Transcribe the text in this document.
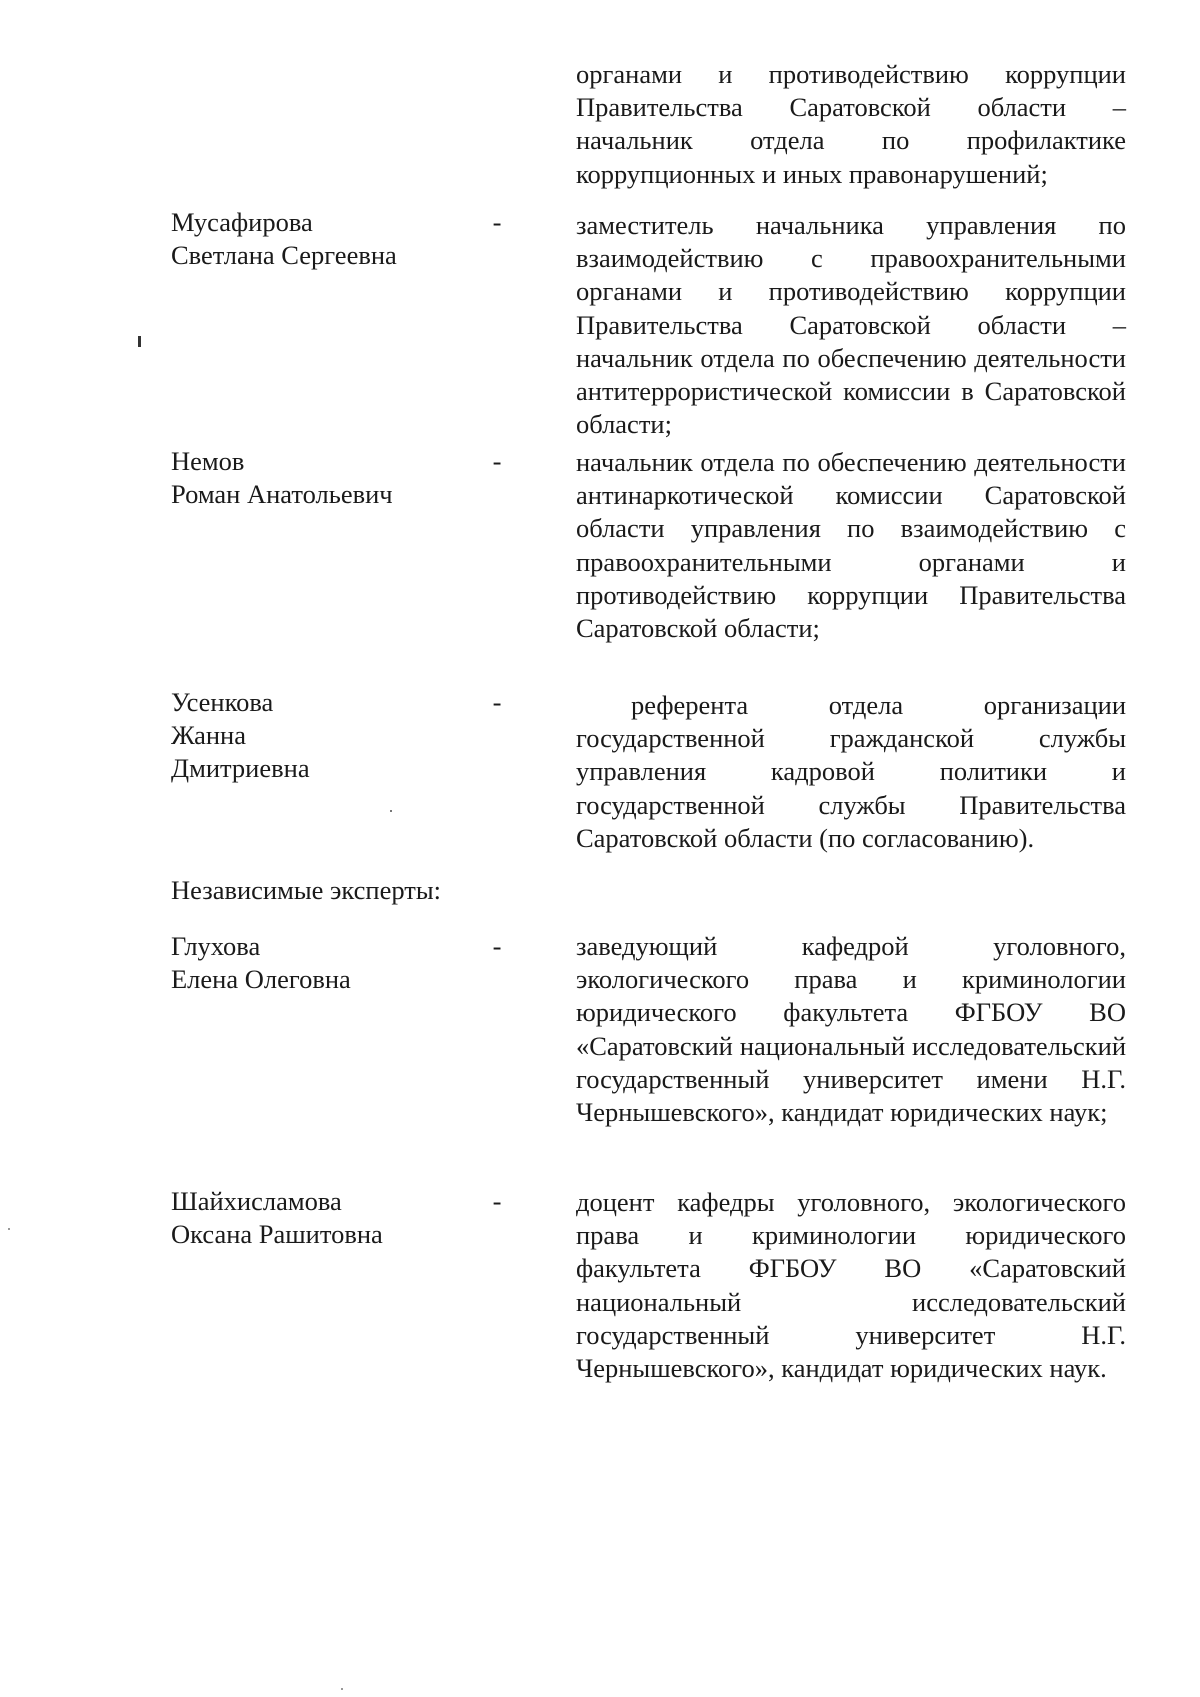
органами и противодействию коррупции Правительства Саратовской области – начальник отдела по профилактике коррупционных и иных правонарушений;
Мусафирова
Светлана Сергеевна
-	заместитель начальника управления по взаимодействию с правоохранительными органами и противодействию коррупции Правительства Саратовской области – начальник отдела по обеспечению деятельности антитеррористической комиссии в Саратовской области;
Немов
Роман Анатольевич
-	начальник отдела по обеспечению деятельности антинаркотической комиссии Саратовской области управления по взаимодействию с правоохранительными органами и противодействию коррупции Правительства Саратовской области;
Усенкова
Жанна
Дмитриевна
-	референта отдела организации государственной гражданской службы управления кадровой политики и государственной службы Правительства Саратовской области (по согласованию).
Независимые эксперты:
Глухова
Елена Олеговна
-	заведующий кафедрой уголовного, экологического права и криминологии юридического факультета ФГБОУ ВО «Саратовский национальный исследовательский государственный университет имени Н.Г. Чернышевского», кандидат юридических наук;
Шайхисламова
Оксана Рашитовна
-	доцент кафедры уголовного, экологического права и криминологии юридического факультета ФГБОУ ВО «Саратовский национальный исследовательский государственный университет Н.Г. Чернышевского», кандидат юридических наук.
